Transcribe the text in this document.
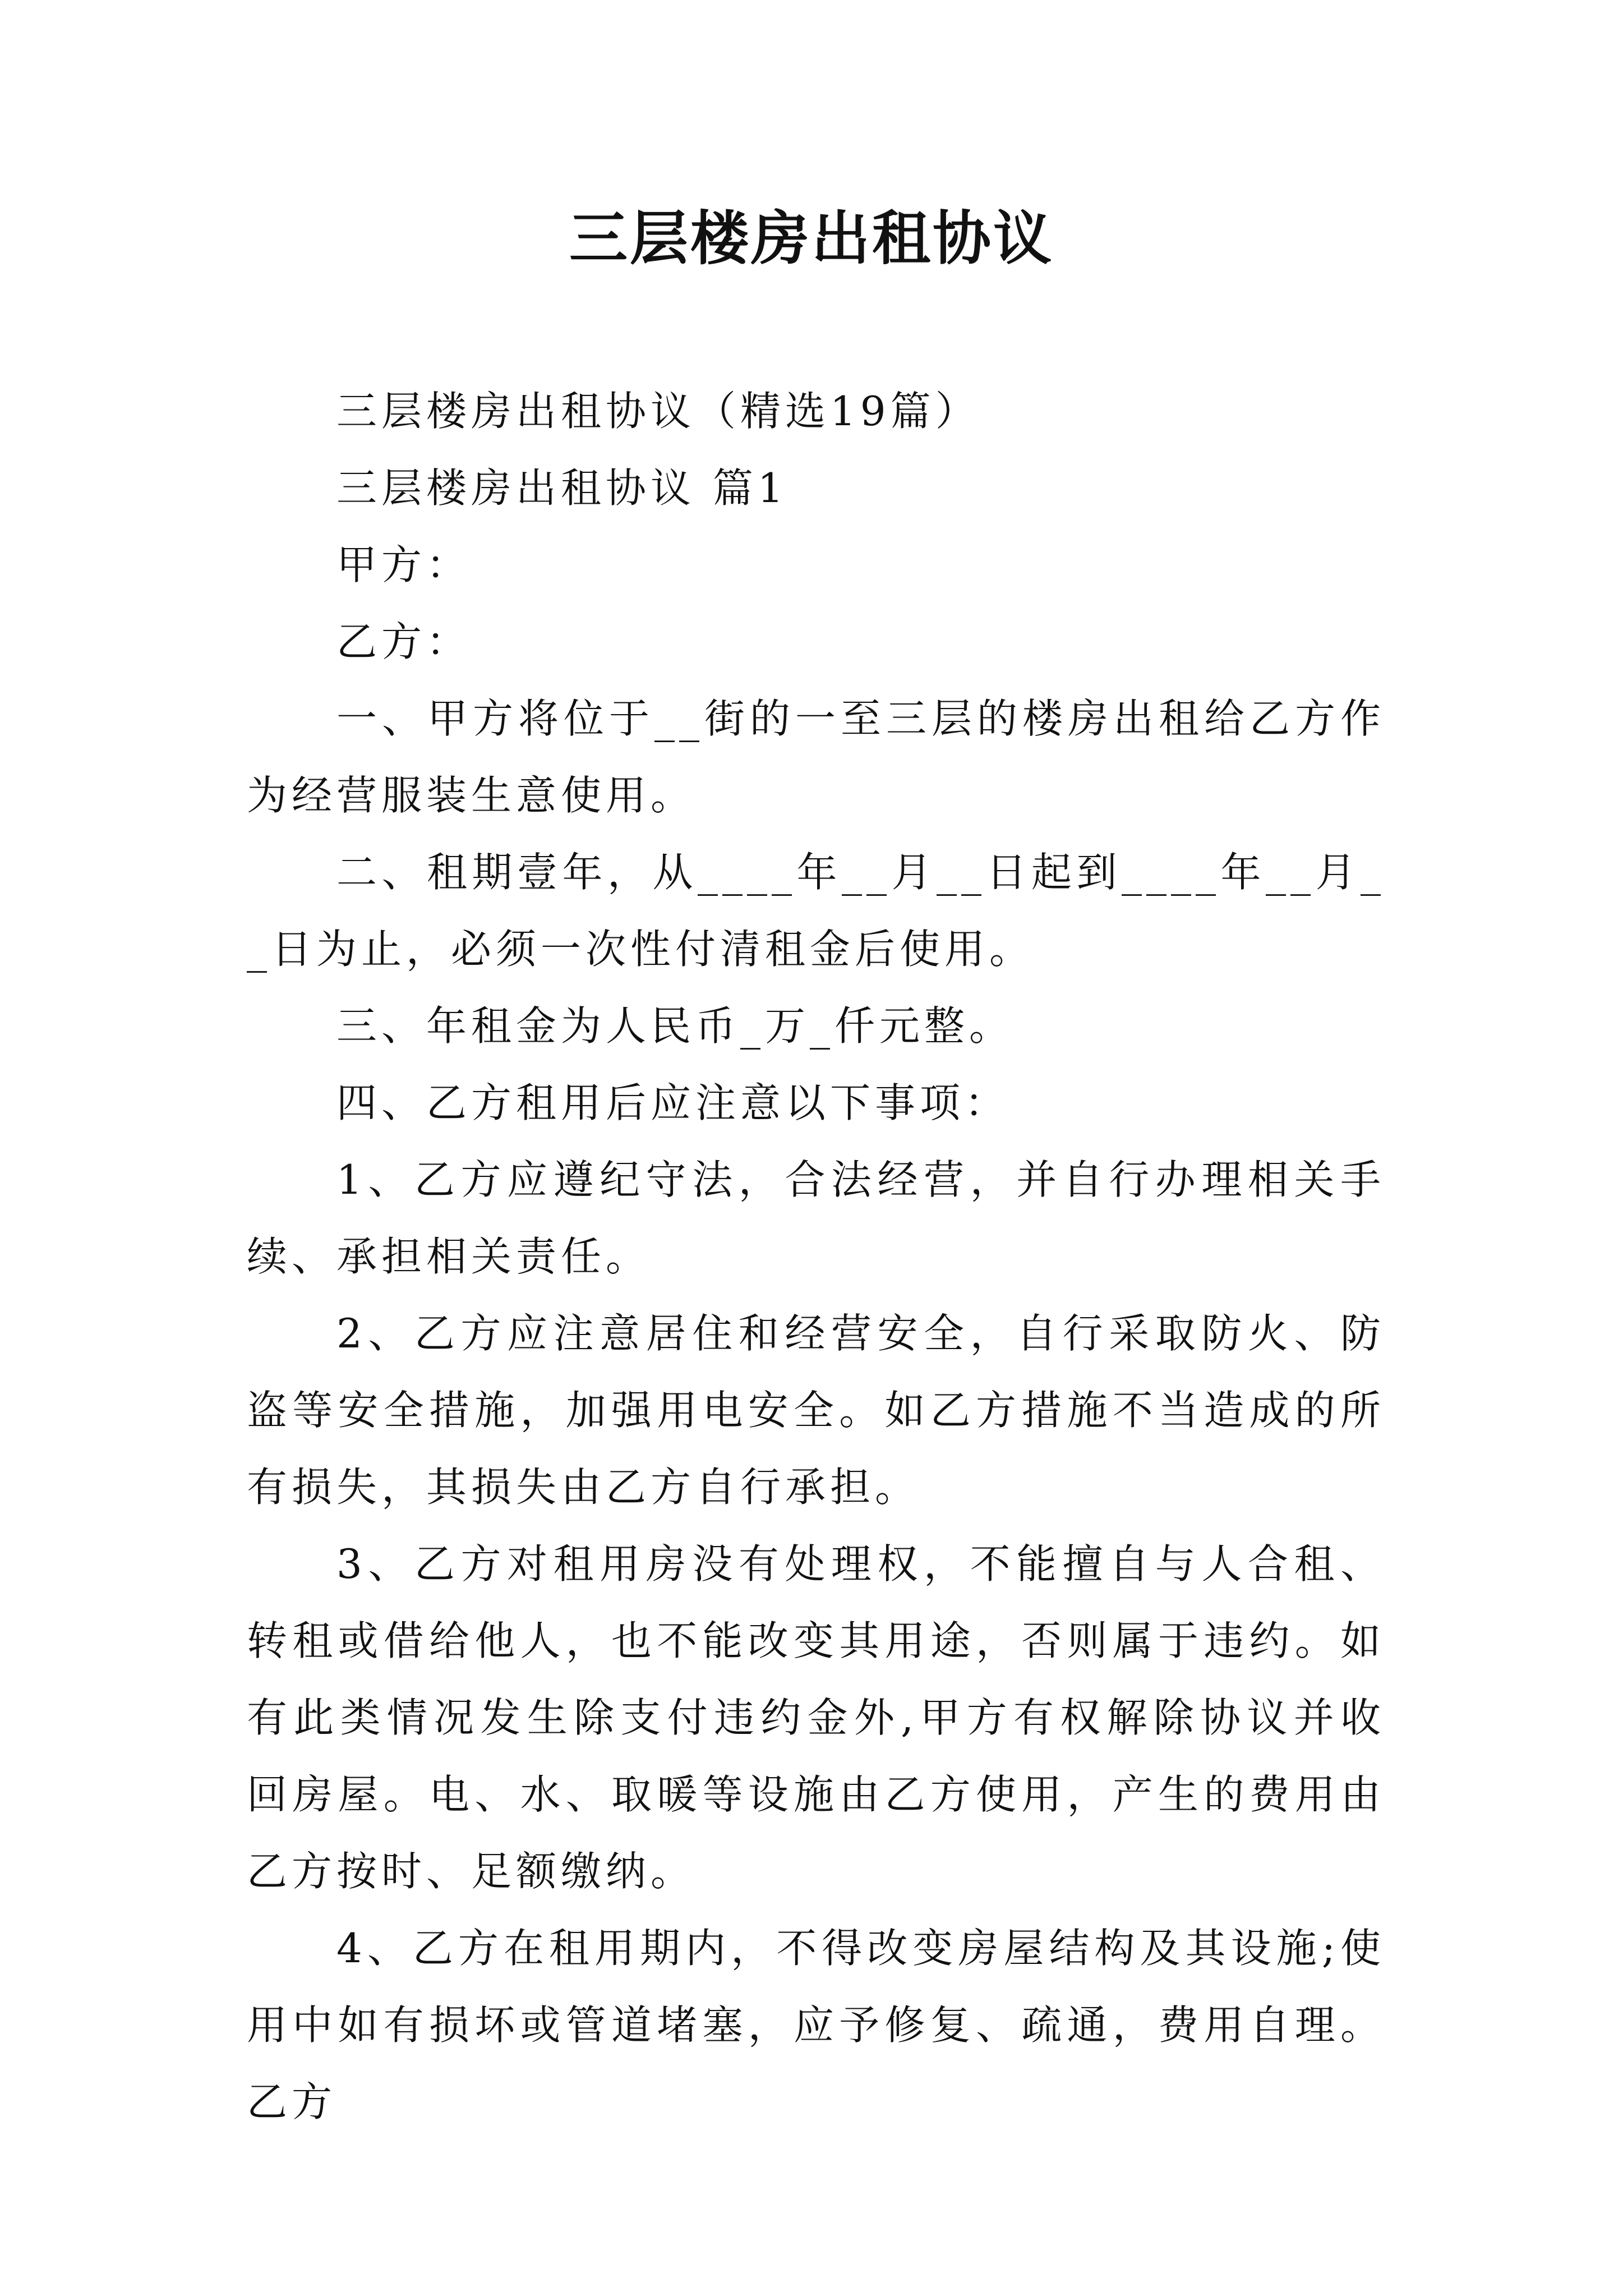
三层楼房出租协议

三层楼房出租协议（精选19篇）

三层楼房出租协议 篇1

甲方：

乙方：

一、甲方将位于__街的一至三层的楼房出租给乙方作为经营服装生意使用。

二、租期壹年，从____年__月__日起到____年__月__日为止，必须一次性付清租金后使用。

三、年租金为人民币_万_仟元整。

四、乙方租用后应注意以下事项：

1、乙方应遵纪守法，合法经营，并自行办理相关手续、承担相关责任。

2、乙方应注意居住和经营安全，自行采取防火、防盗等安全措施，加强用电安全。如乙方措施不当造成的所有损失，其损失由乙方自行承担。

3、乙方对租用房没有处理权，不能擅自与人合租、转租或借给他人，也不能改变其用途，否则属于违约。如有此类情况发生除支付违约金外,甲方有权解除协议并收回房屋。电、水、取暖等设施由乙方使用，产生的费用由乙方按时、足额缴纳。

4、乙方在租用期内，不得改变房屋结构及其设施;使用中如有损坏或管道堵塞，应予修复、疏通，费用自理。乙方
